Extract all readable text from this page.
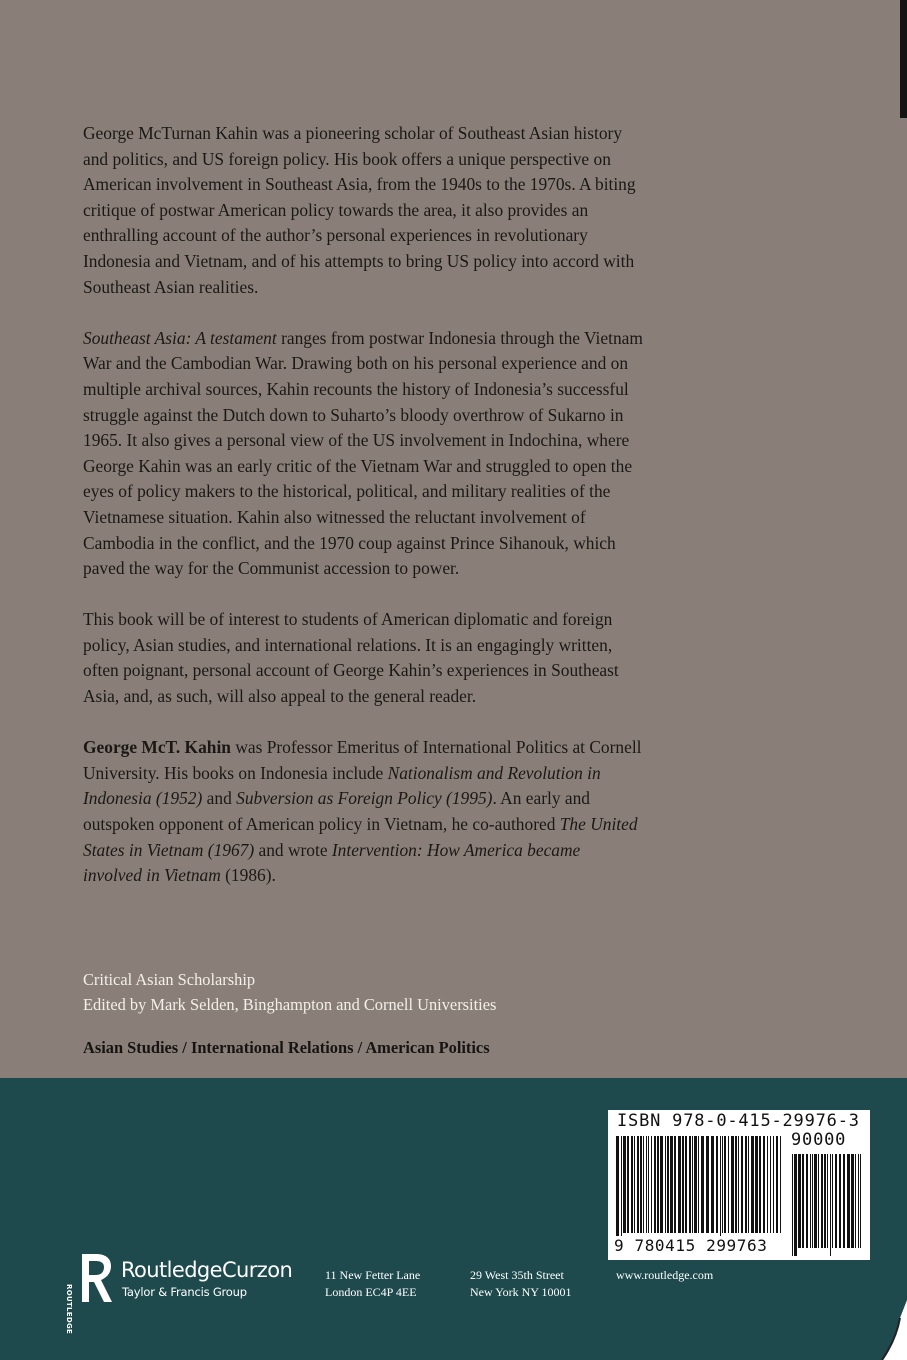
George McTurnan Kahin was a pioneering scholar of Southeast Asian history and politics, and US foreign policy. His book offers a unique perspective on American involvement in Southeast Asia, from the 1940s to the 1970s. A biting critique of postwar American policy towards the area, it also provides an enthralling account of the author’s personal experiences in revolutionary Indonesia and Vietnam, and of his attempts to bring US policy into accord with Southeast Asian realities.

Southeast Asia: A testament ranges from postwar Indonesia through the Vietnam War and the Cambodian War. Drawing both on his personal experience and on multiple archival sources, Kahin recounts the history of Indonesia’s successful struggle against the Dutch down to Suharto’s bloody overthrow of Sukarno in 1965. It also gives a personal view of the US involvement in Indochina, where George Kahin was an early critic of the Vietnam War and struggled to open the eyes of policy makers to the historical, political, and military realities of the Vietnamese situation. Kahin also witnessed the reluctant involvement of Cambodia in the conflict, and the 1970 coup against Prince Sihanouk, which paved the way for the Communist accession to power.

This book will be of interest to students of American diplomatic and foreign policy, Asian studies, and international relations. It is an engagingly written, often poignant, personal account of George Kahin’s experiences in Southeast Asia, and, as such, will also appeal to the general reader.

George McT. Kahin was Professor Emeritus of International Politics at Cornell University. His books on Indonesia include Nationalism and Revolution in Indonesia (1952) and Subversion as Foreign Policy (1995). An early and outspoken opponent of American policy in Vietnam, he co-authored The United States in Vietnam (1967) and wrote Intervention: How America became involved in Vietnam (1986).

Critical Asian Scholarship
Edited by Mark Selden, Binghampton and Cornell Universities
Asian Studies / International Relations / American Politics
ISBN 978-0-415-29976-3
90000
9 780415 299763
ROUTLEDGE
RoutledgeCurzon
Taylor & Francis Group
11 New Fetter Lane
London EC4P 4EE
29 West 35th Street
New York NY 10001
www.routledge.com
